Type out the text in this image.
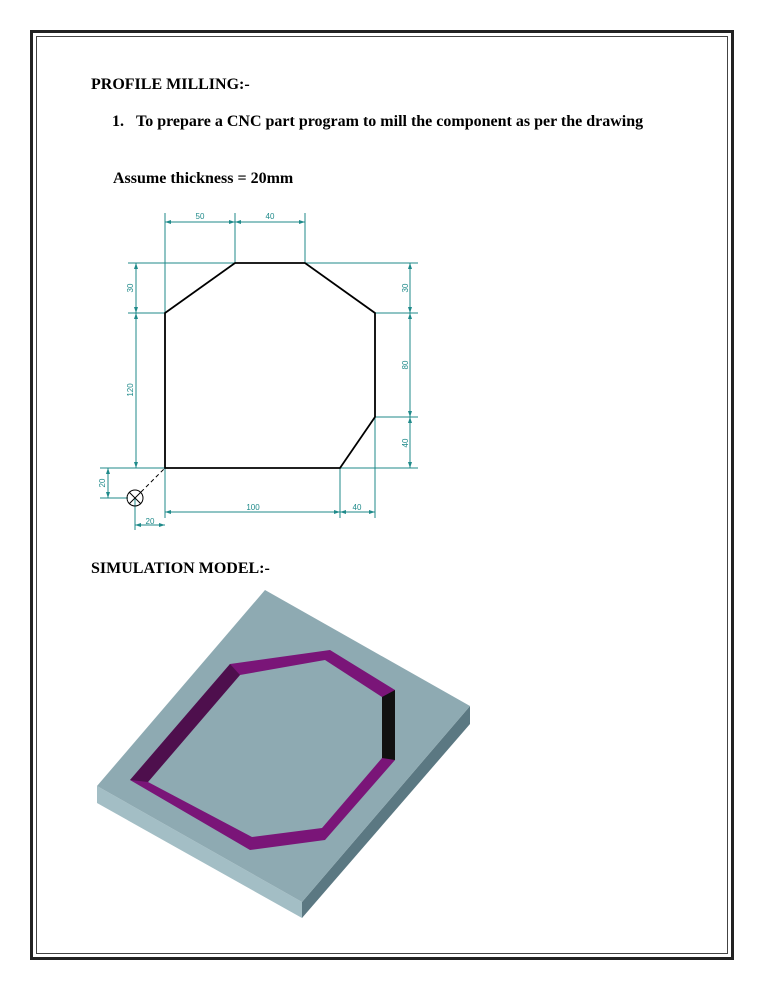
PROFILE MILLING:-
1. To prepare a CNC part program to mill the component as per the drawing
Assume thickness = 20mm
50	40
30
120
30
80
40
100	40
20
20
SIMULATION MODEL:-
